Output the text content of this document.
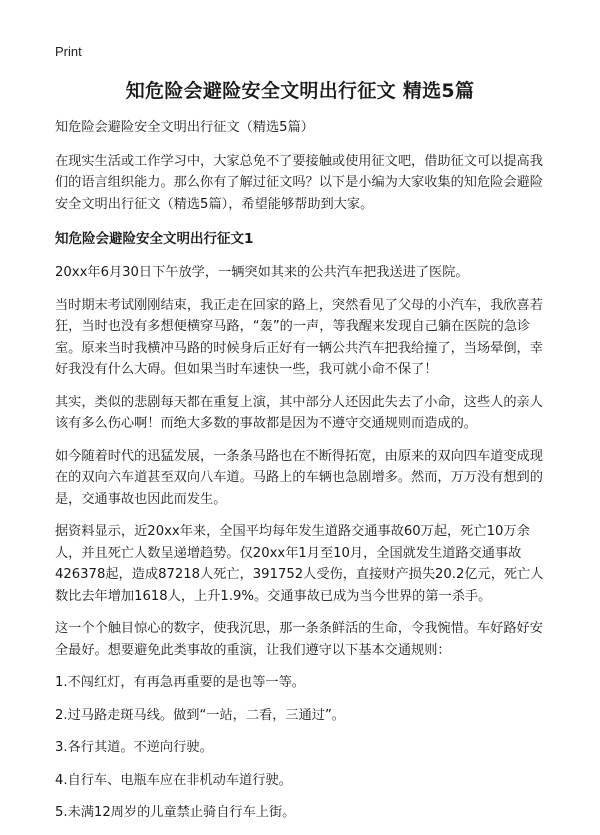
Print
知危险会避险安全文明出行征文 精选5篇

知危险会避险安全文明出行征文（精选5篇）

在现实生活或工作学习中，大家总免不了要接触或使用征文吧，借助征文可以提高我们的语言组织能力。那么你有了解过征文吗？以下是小编为大家收集的知危险会避险安全文明出行征文（精选5篇），希望能够帮助到大家。

知危险会避险安全文明出行征文1

20xx年6月30日下午放学，一辆突如其来的公共汽车把我送进了医院。

当时期末考试刚刚结束，我正走在回家的路上，突然看见了父母的小汽车，我欣喜若狂，当时也没有多想便横穿马路，“轰”的一声，等我醒来发现自己躺在医院的急诊室。原来当时我横冲马路的时候身后正好有一辆公共汽车把我给撞了，当场晕倒，幸好我没有什么大碍。但如果当时车速快一些，我可就小命不保了！

其实，类似的悲剧每天都在重复上演，其中部分人还因此失去了小命，这些人的亲人该有多么伤心啊！而绝大多数的事故都是因为不遵守交通规则而造成的。

如今随着时代的迅猛发展，一条条马路也在不断得拓宽，由原来的双向四车道变成现在的双向六车道甚至双向八车道。马路上的车辆也急剧增多。然而，万万没有想到的是，交通事故也因此而发生。

据资料显示，近20xx年来，全国平均每年发生道路交通事故60万起，死亡10万余人，并且死亡人数呈递增趋势。仅20xx年1月至10月，全国就发生道路交通事故426378起，造成87218人死亡，391752人受伤，直接财产损失20.2亿元，死亡人数比去年增加1618人，上升1.9%。交通事故已成为当今世界的第一杀手。

这一个个触目惊心的数字，使我沉思，那一条条鲜活的生命，令我惋惜。车好路好安全最好。想要避免此类事故的重演，让我们遵守以下基本交通规则：

1.不闯红灯，有再急再重要的是也等一等。
2.过马路走斑马线。做到“一站，二看，三通过”。
3.各行其道。不逆向行驶。
4.自行车、电瓶车应在非机动车道行驶。
5.未满12周岁的儿童禁止骑自行车上街。
